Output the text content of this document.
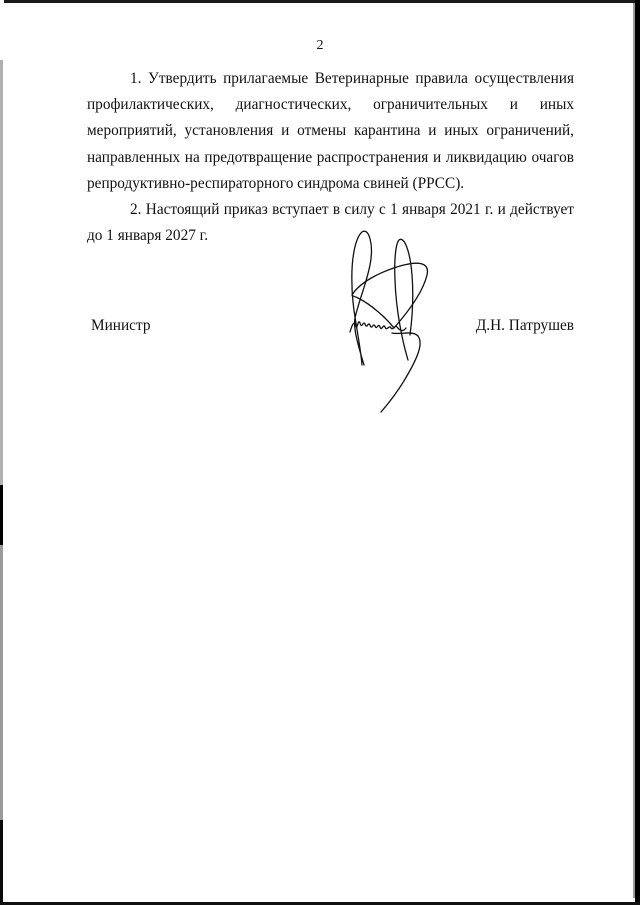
2
1. Утвердить прилагаемые Ветеринарные правила осуществления
профилактических, диагностических, ограничительных и иных
мероприятий, установления и отмены карантина и иных ограничений,
направленных на предотвращение распространения и ликвидацию очагов
репродуктивно-респираторного синдрома свиней (РРСС).
2. Настоящий приказ вступает в силу с 1 января 2021 г. и действует
до 1 января 2027 г.
Министр	Д.Н. Патрушев
